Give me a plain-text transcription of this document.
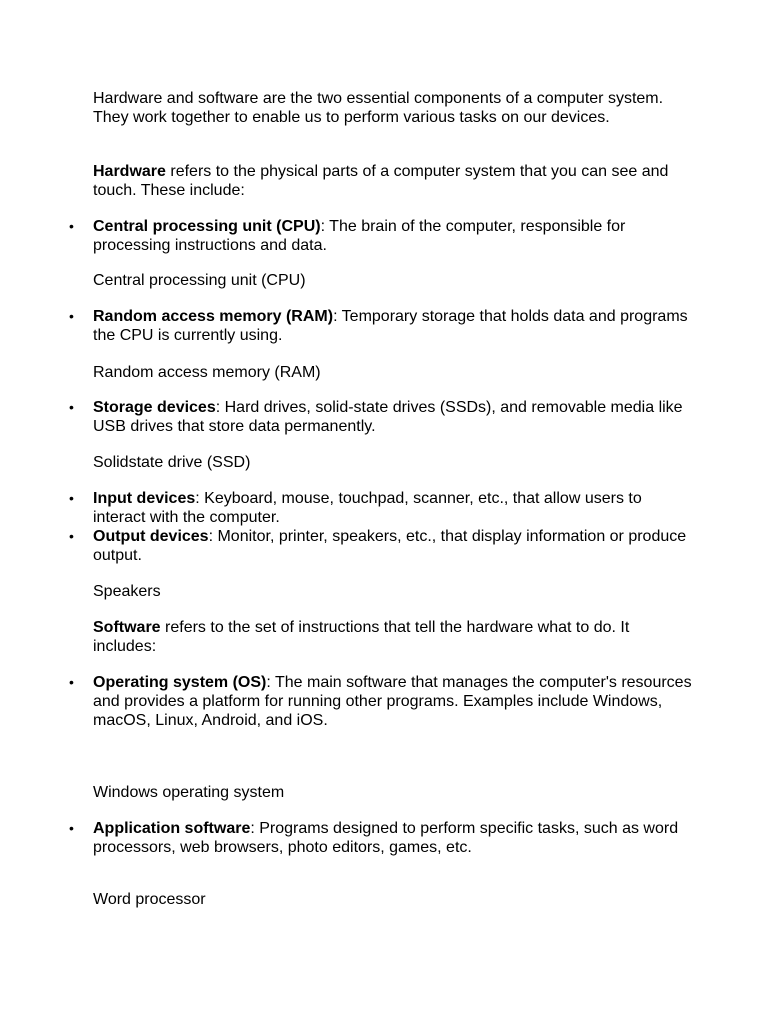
Hardware and software are the two essential components of a computer system. They work together to enable us to perform various tasks on our devices.

Hardware refers to the physical parts of a computer system that you can see and touch. These include:

•	Central processing unit (CPU): The brain of the computer, responsible for processing instructions and data.

Central processing unit (CPU)

•	Random access memory (RAM): Temporary storage that holds data and programs the CPU is currently using.

Random access memory (RAM)

•	Storage devices: Hard drives, solid-state drives (SSDs), and removable media like USB drives that store data permanently.

Solidstate drive (SSD)

•	Input devices: Keyboard, mouse, touchpad, scanner, etc., that allow users to interact with the computer.
•	Output devices: Monitor, printer, speakers, etc., that display information or produce output.

Speakers

Software refers to the set of instructions that tell the hardware what to do. It includes:

•	Operating system (OS): The main software that manages the computer's resources and provides a platform for running other programs. Examples include Windows, macOS, Linux, Android, and iOS.

Windows operating system

•	Application software: Programs designed to perform specific tasks, such as word processors, web browsers, photo editors, games, etc.

Word processor
